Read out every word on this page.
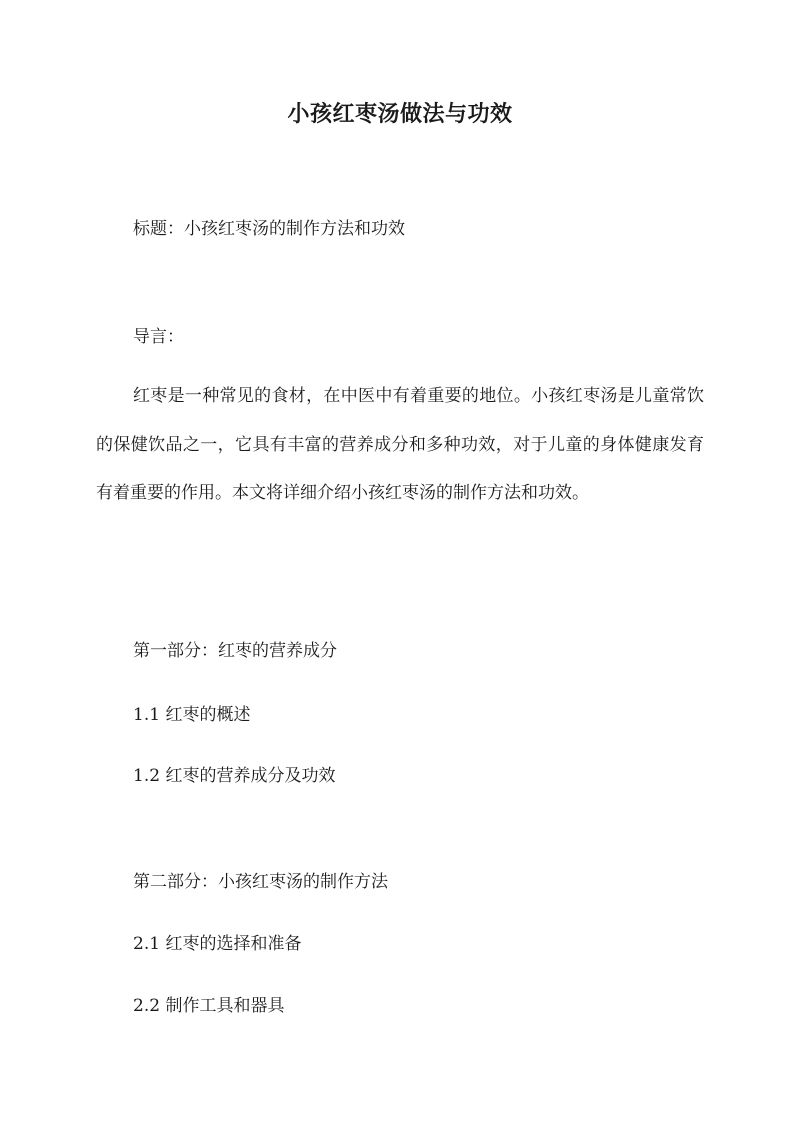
小孩红枣汤做法与功效
标题：小孩红枣汤的制作方法和功效
导言：

红枣是一种常见的食材，在中医中有着重要的地位。小孩红枣汤是儿童常饮的保健饮品之一，它具有丰富的营养成分和多种功效，对于儿童的身体健康发育有着重要的作用。本文将详细介绍小孩红枣汤的制作方法和功效。

第一部分：红枣的营养成分
1.1 红枣的概述
1.2 红枣的营养成分及功效
第二部分：小孩红枣汤的制作方法
2.1 红枣的选择和准备
2.2 制作工具和器具
